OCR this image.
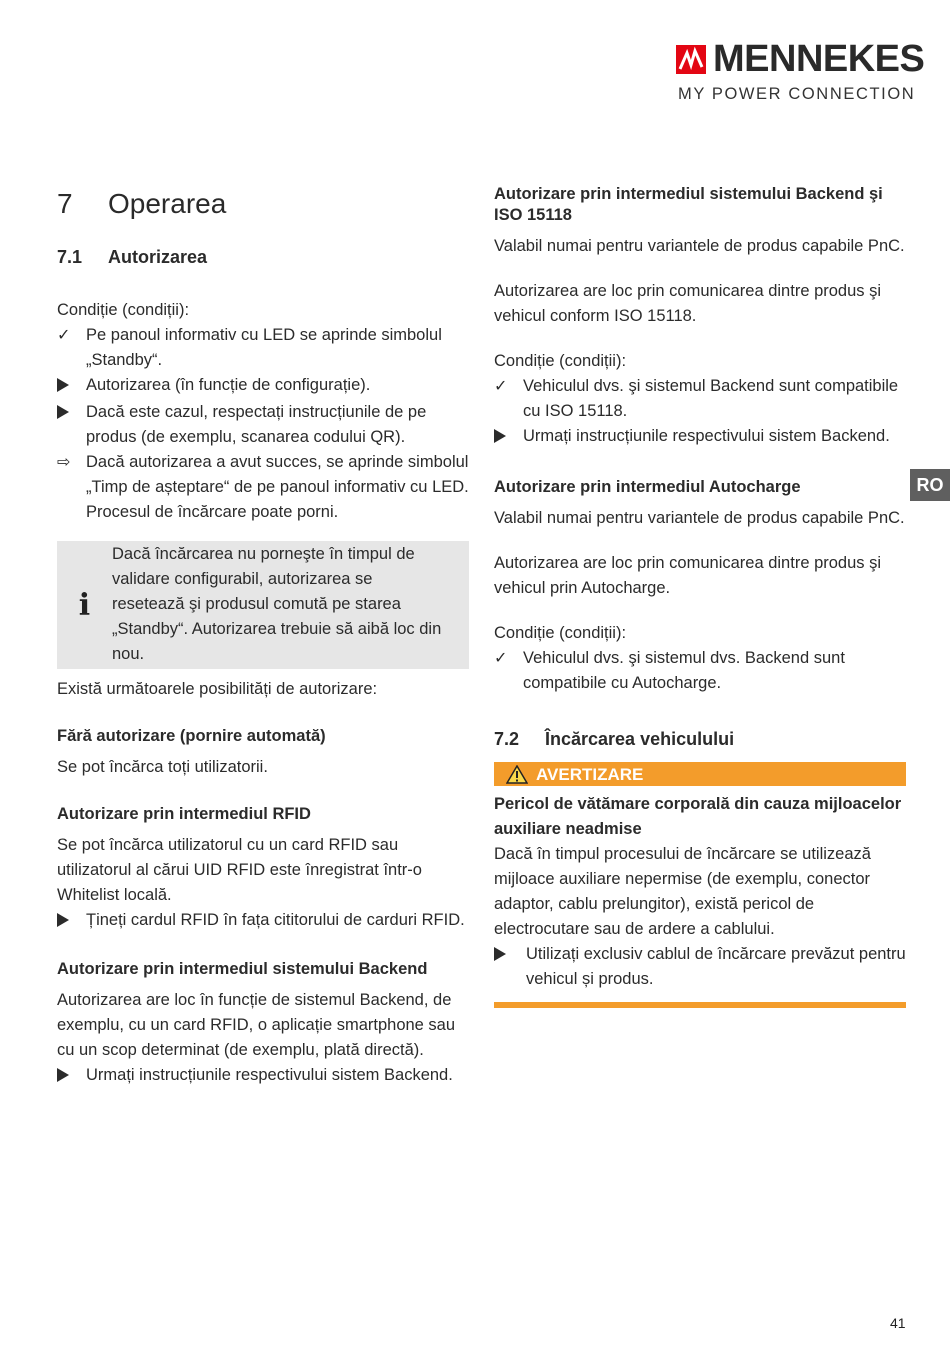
MENNEKES
MY POWER CONNECTION
7	Operarea
7.1	Autorizarea

Condiție (condiții):

✓ Pe panoul informativ cu LED se aprinde simbolul „Standby“.
Autorizarea (în funcție de configurație).
Dacă este cazul, respectați instrucțiunile de pe produs (de exemplu, scanarea codului QR).
⇨ Dacă autorizarea a avut succes, se aprinde simbolul „Timp de așteptare“ de pe panoul informativ cu LED. Procesul de încărcare poate porni.
i
Dacă încărcarea nu porneşte în timpul de validare configurabil, autorizarea se resetează şi produsul comută pe starea „Standby“. Autorizarea trebuie să aibă loc din nou.

Există următoarele posibilități de autorizare:

Fără autorizare (pornire automată)

Se pot încărca toți utilizatorii.

Autorizare prin intermediul RFID

Se pot încărca utilizatorul cu un card RFID sau utilizatorul al cărui UID RFID este înregistrat într-o Whitelist locală.

Țineți cardul RFID în fața cititorului de carduri RFID.
Autorizare prin intermediul sistemului Backend

Autorizarea are loc în funcție de sistemul Backend, de exemplu, cu un card RFID, o aplicație smartphone sau cu un scop determinat (de exemplu, plată directă).

Urmați instrucțiunile respectivului sistem Backend.
Autorizare prin intermediul sistemului Backend şi ISO 15118

Valabil numai pentru variantele de produs capabile PnC.

Autorizarea are loc prin comunicarea dintre produs şi vehicul conform ISO 15118.

Condiție (condiții):

✓ Vehiculul dvs. şi sistemul Backend sunt compatibile cu ISO 15118.
Urmați instrucțiunile respectivului sistem Backend.
Autorizare prin intermediul Autocharge

Valabil numai pentru variantele de produs capabile PnC.

Autorizarea are loc prin comunicarea dintre produs şi vehicul prin Autocharge.

Condiție (condiții):

✓ Vehiculul dvs. şi sistemul dvs. Backend sunt compatibile cu Autocharge.
7.2	Încărcarea vehiculului
AVERTIZARE
Pericol de vătămare corporală din cauza mijloacelor auxiliare neadmise

Dacă în timpul procesului de încărcare se utilizează mijloace auxiliare nepermise (de exemplu, conector adaptor, cablu prelungitor), există pericol de electrocutare sau de ardere a cablului.

Utilizați exclusiv cablul de încărcare prevăzut pentru vehicul și produs.
RO
41
